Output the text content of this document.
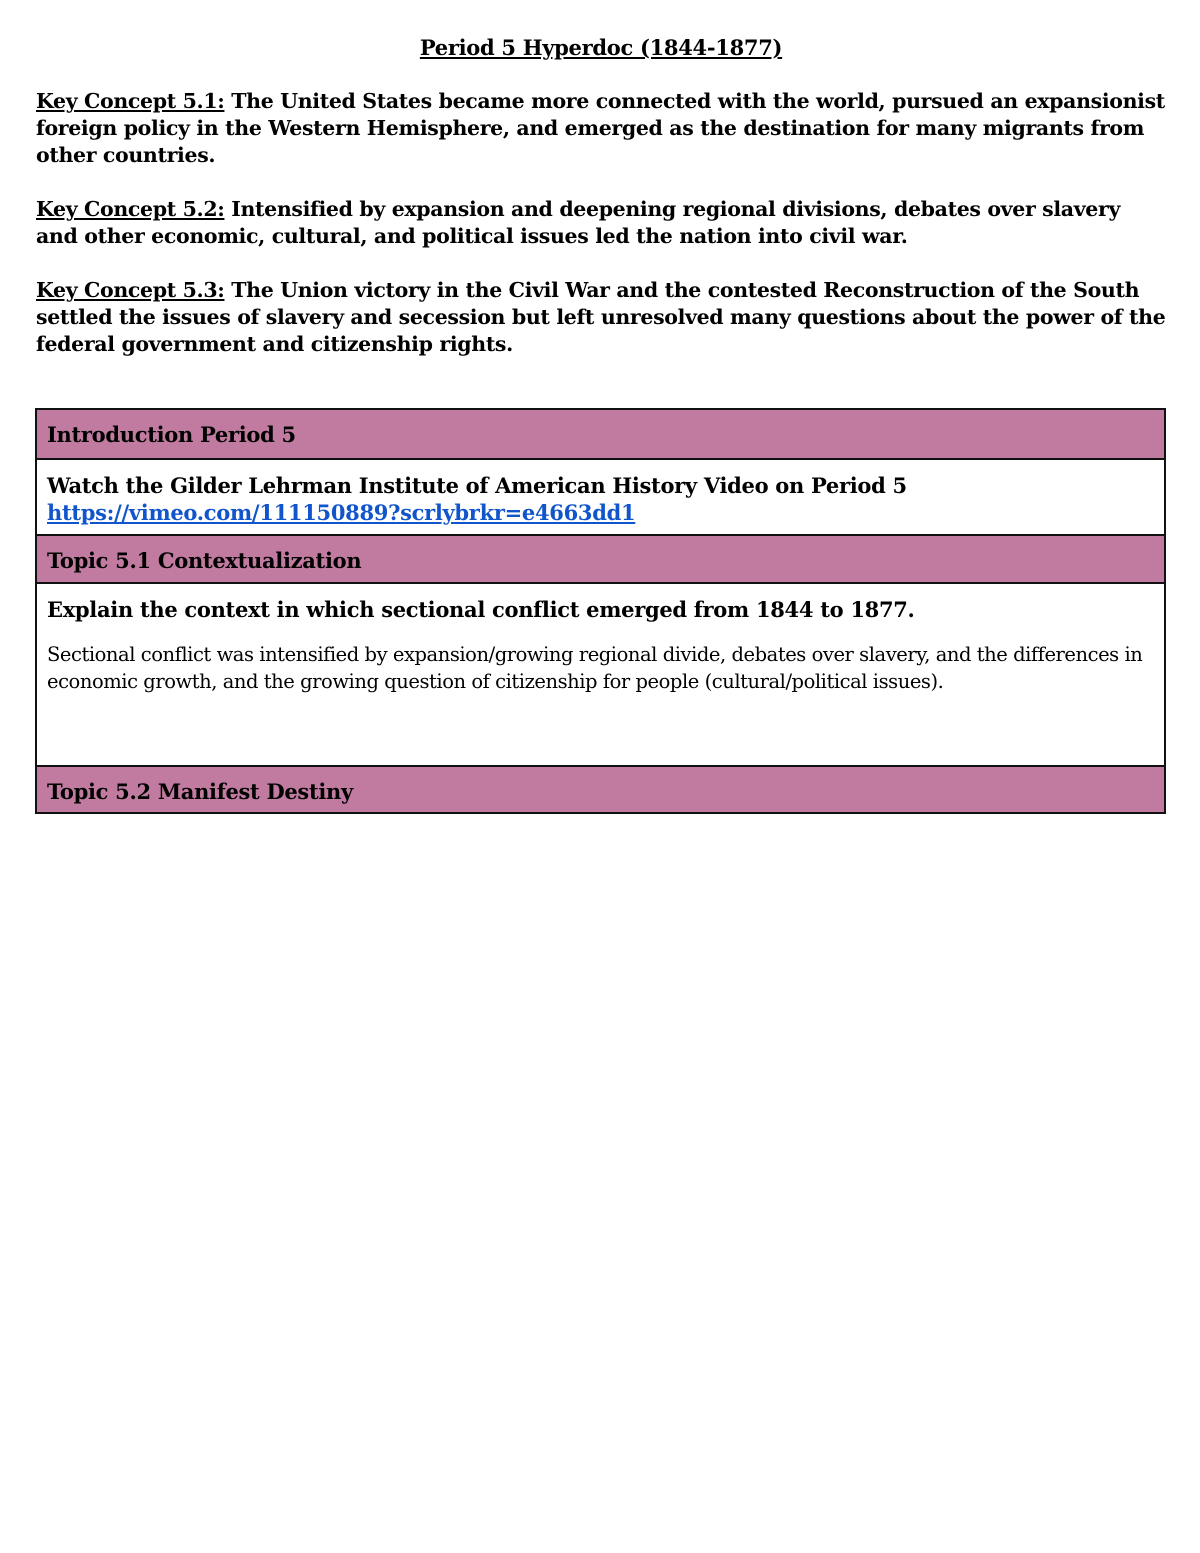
Period 5 Hyperdoc (1844-1877)

Key Concept 5.1: The United States became more connected with the world, pursued an expansionist foreign policy in the Western Hemisphere, and emerged as the destination for many migrants from other countries.

Key Concept 5.2: Intensified by expansion and deepening regional divisions, debates over slavery and other economic, cultural, and political issues led the nation into civil war.

Key Concept 5.3: The Union victory in the Civil War and the contested Reconstruction of the South settled the issues of slavery and secession but left unresolved many questions about the power of the federal government and citizenship rights.

Introduction Period 5
Watch the Gilder Lehrman Institute of American History Video on Period 5
https://vimeo.com/111150889?scrlybrkr=e4663dd1
Topic 5.1 Contextualization

Explain the context in which sectional conflict emerged from 1844 to 1877.

Sectional conflict was intensified by expansion/growing regional divide, debates over slavery, and the differences in economic growth, and the growing question of citizenship for people (cultural/political issues).

Topic 5.2 Manifest Destiny
